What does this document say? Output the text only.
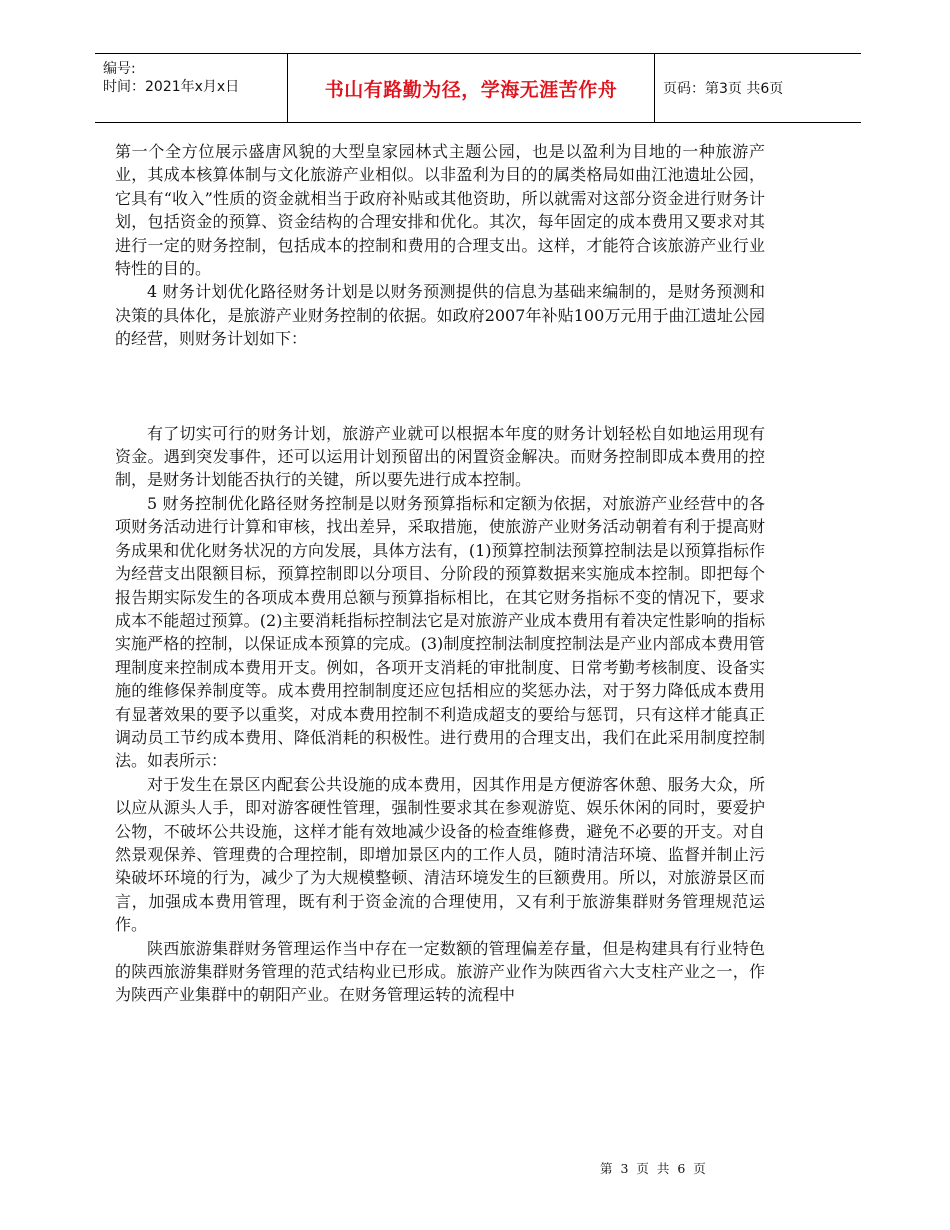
编号:
时间：2021年x月x日	书山有路勤为径，学海无涯苦作舟	页码：第3页 共6页

第一个全方位展示盛唐风貌的大型皇家园林式主题公园，也是以盈利为目地的一种旅游产业，其成本核算体制与文化旅游产业相似。以非盈利为目的的属类格局如曲江池遗址公园，它具有“收入”性质的资金就相当于政府补贴或其他资助，所以就需对这部分资金进行财务计划，包括资金的预算、资金结构的合理安排和优化。其次，每年固定的成本费用又要求对其进行一定的财务控制，包括成本的控制和费用的合理支出。这样，才能符合该旅游产业行业特性的目的。

4 财务计划优化路径财务计划是以财务预测提供的信息为基础来编制的，是财务预测和决策的具体化，是旅游产业财务控制的依据。如政府2007年补贴100万元用于曲江遗址公园的经营，则财务计划如下：

有了切实可行的财务计划，旅游产业就可以根据本年度的财务计划轻松自如地运用现有资金。遇到突发事件，还可以运用计划预留出的闲置资金解决。而财务控制即成本费用的控制，是财务计划能否执行的关键，所以要先进行成本控制。

5 财务控制优化路径财务控制是以财务预算指标和定额为依据，对旅游产业经营中的各项财务活动进行计算和审核，找出差异，采取措施，使旅游产业财务活动朝着有利于提高财务成果和优化财务状况的方向发展，具体方法有，(1)预算控制法预算控制法是以预算指标作为经营支出限额目标，预算控制即以分项目、分阶段的预算数据来实施成本控制。即把每个报告期实际发生的各项成本费用总额与预算指标相比，在其它财务指标不变的情况下，要求成本不能超过预算。(2)主要消耗指标控制法它是对旅游产业成本费用有着决定性影响的指标实施严格的控制，以保证成本预算的完成。(3)制度控制法制度控制法是产业内部成本费用管理制度来控制成本费用开支。例如，各项开支消耗的审批制度、日常考勤考核制度、设备实施的维修保养制度等。成本费用控制制度还应包括相应的奖惩办法，对于努力降低成本费用有显著效果的要予以重奖，对成本费用控制不利造成超支的要给与惩罚，只有这样才能真正调动员工节约成本费用、降低消耗的积极性。进行费用的合理支出，我们在此采用制度控制法。如表所示：

对于发生在景区内配套公共设施的成本费用，因其作用是方便游客休憩、服务大众，所以应从源头人手，即对游客硬性管理，强制性要求其在参观游览、娱乐休闲的同时，要爱护公物，不破坏公共设施，这样才能有效地减少设备的检查维修费，避免不必要的开支。对自然景观保养、管理费的合理控制，即增加景区内的工作人员，随时清洁环境、监督并制止污染破坏环境的行为，减少了为大规模整顿、清洁环境发生的巨额费用。所以，对旅游景区而言，加强成本费用管理，既有利于资金流的合理使用，又有利于旅游集群财务管理规范运作。

陕西旅游集群财务管理运作当中存在一定数额的管理偏差存量，但是构建具有行业特色的陕西旅游集群财务管理的范式结构业已形成。旅游产业作为陕西省六大支柱产业之一，作为陕西产业集群中的朝阳产业。在财务管理运转的流程中

第 3 页 共 6 页
